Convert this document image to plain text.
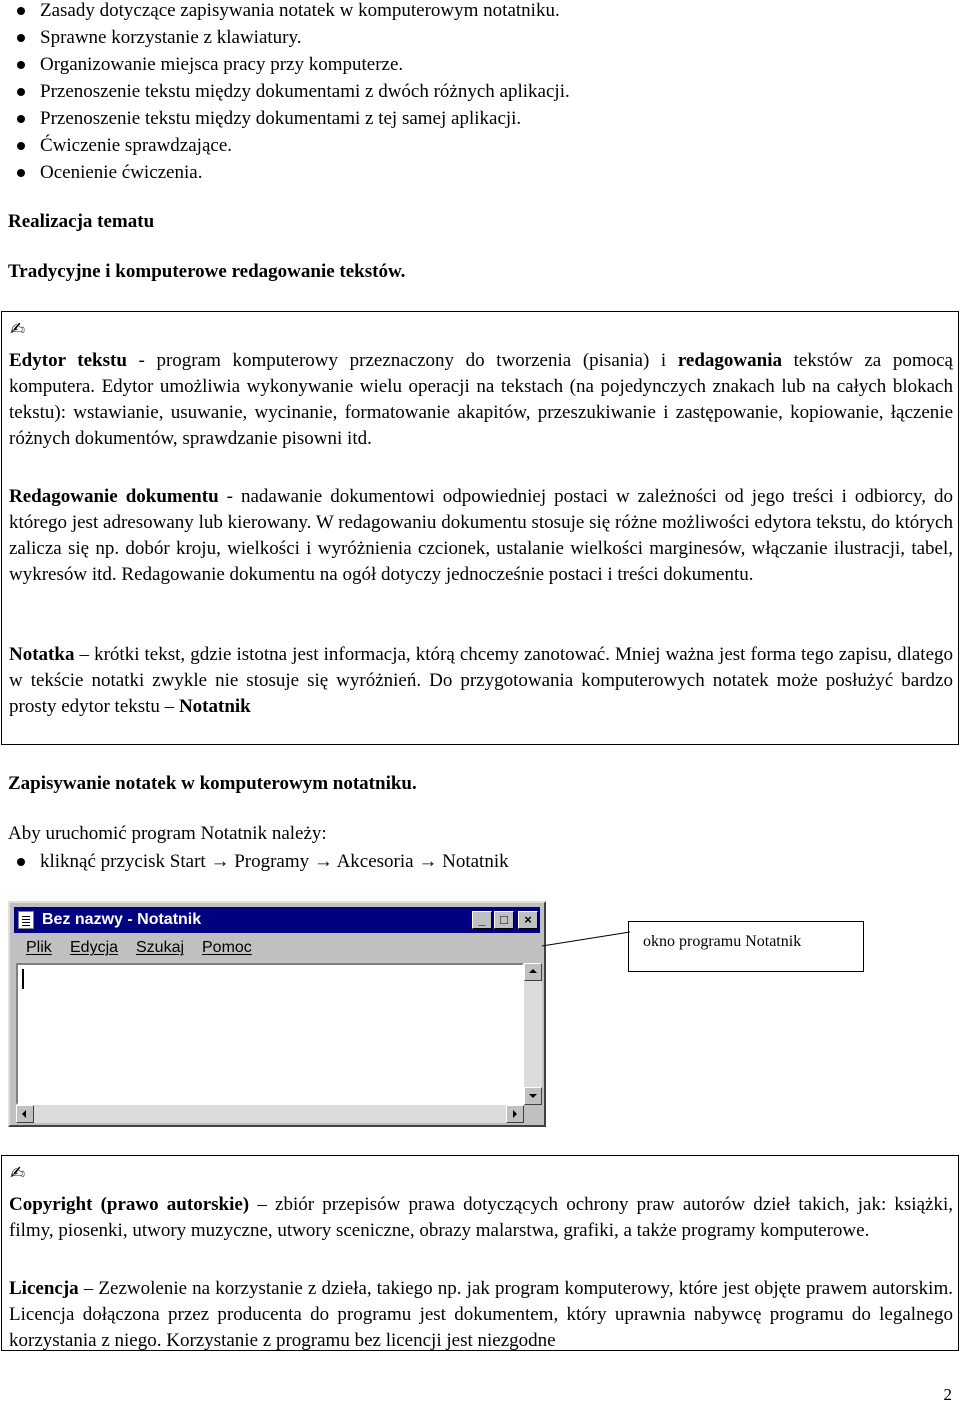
Zasady dotyczące zapisywania notatek w komputerowym notatniku.
Sprawne korzystanie z klawiatury.
Organizowanie miejsca pracy przy komputerze.
Przenoszenie tekstu między dokumentami z dwóch różnych aplikacji.
Przenoszenie tekstu między dokumentami z tej samej aplikacji.
Ćwiczenie sprawdzające.
Ocenienie ćwiczenia.
Realizacja tematu
Tradycyjne i komputerowe redagowanie tekstów.
✍
Edytor tekstu - program komputerowy przeznaczony do tworzenia (pisania) i redagowania tekstów za pomocą komputera. Edytor umożliwia wykonywanie wielu operacji na tekstach (na pojedynczych znakach lub na całych blokach tekstu): wstawianie, usuwanie, wycinanie, formatowanie akapitów, przeszukiwanie i zastępowanie, kopiowanie, łączenie różnych dokumentów, sprawdzanie pisowni itd.
Redagowanie dokumentu - nadawanie dokumentowi odpowiedniej postaci w zależności od jego treści i odbiorcy, do którego jest adresowany lub kierowany. W redagowaniu dokumentu stosuje się różne możliwości edytora tekstu, do których zalicza się np. dobór kroju, wielkości i wyróżnienia czcionek, ustalanie wielkości marginesów, włączanie ilustracji, tabel, wykresów itd. Redagowanie dokumentu na ogół dotyczy jednocześnie postaci i treści dokumentu.
Notatka – krótki tekst, gdzie istotna jest informacja, którą chcemy zanotować. Mniej ważna jest forma tego zapisu, dlatego w tekście notatki zwykle nie stosuje się wyróżnień. Do przygotowania komputerowych notatek może posłużyć bardzo prosty edytor tekstu – Notatnik
Zapisywanie notatek w komputerowym notatniku.
Aby uruchomić program Notatnik należy:
kliknąć przycisk Start → Programy → Akcesoria → Notatnik
Bez nazwy - Notatnik	_	□	×
Plik Edycja Szukaj Pomoc	okno programu Notatnik
✍
Copyright (prawo autorskie) – zbiór przepisów prawa dotyczących ochrony praw autorów dzieł takich, jak: książki, filmy, piosenki, utwory muzyczne, utwory sceniczne, obrazy malarstwa, grafiki, a także programy komputerowe.
Licencja – Zezwolenie na korzystanie z dzieła, takiego np. jak program komputerowy, które jest objęte prawem autorskim. Licencja dołączona przez producenta do programu jest dokumentem, który uprawnia nabywcę programu do legalnego korzystania z niego. Korzystanie z programu bez licencji jest niezgodne
2
